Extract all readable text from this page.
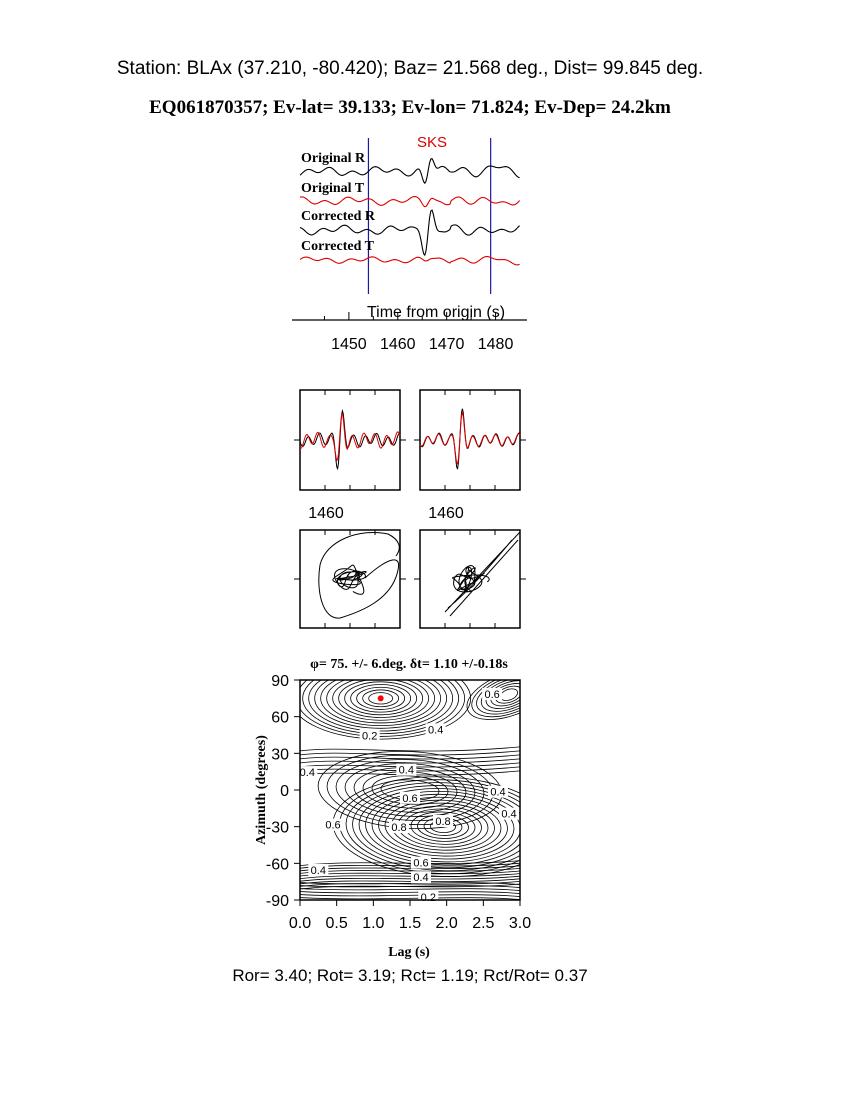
Station: BLAx (37.210, -80.420); Baz= 21.568 deg., Dist= 99.845 deg.
EQ061870357; Ev-lat= 39.133; Ev-lon= 71.824; Ev-Dep= 24.2km
SKS
Original R
Original T
Corrected R
Corrected T
Time from origin (s)
1450 1460 1470 1480
1460	1460
φ= 75. +/- 6.deg. δt= 1.10 +/-0.18s
0.6
0.4
0.2
0.4	0.4
0.6
0.4
0.4
0.6	0.8
0.8
0.4
0.6
0.4
0.2
0.0 0.5 1.0 1.5 2.0 2.5 3.0
90
60
30
0
-30
-60
-90
Lag (s)
Azimuth (degrees)
Ror= 3.40; Rot= 3.19; Rct= 1.19; Rct/Rot= 0.37
